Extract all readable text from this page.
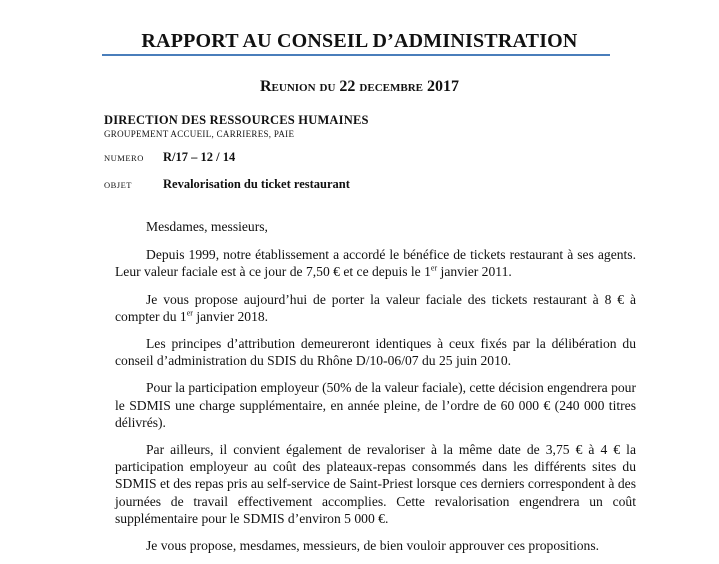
RAPPORT AU CONSEIL D’ADMINISTRATION
Reunion du 22 decembre 2017
DIRECTION DES RESSOURCES HUMAINES
GROUPEMENT ACCUEIL, CARRIERES, PAIE
NUMERO R/17 – 12 / 14
OBJET Revalorisation du ticket restaurant

Mesdames, messieurs,

Depuis 1999, notre établissement a accordé le bénéfice de tickets restaurant à ses agents. Leur valeur faciale est à ce jour de 7,50 € et ce depuis le 1er janvier 2011.

Je vous propose aujourd’hui de porter la valeur faciale des tickets restaurant à 8 € à compter du 1er janvier 2018.

Les principes d’attribution demeureront identiques à ceux fixés par la délibération du conseil d’administration du SDIS du Rhône D/10-06/07 du 25 juin 2010.

Pour la participation employeur (50% de la valeur faciale), cette décision engendrera pour le SDMIS une charge supplémentaire, en année pleine, de l’ordre de 60 000 € (240 000 titres délivrés).

Par ailleurs, il convient également de revaloriser à la même date de 3,75 € à 4 € la participation employeur au coût des plateaux-repas consommés dans les différents sites du SDMIS et des repas pris au self-service de Saint-Priest lorsque ces derniers correspondent à des journées de travail effectivement accomplies. Cette revalorisation engendrera un coût supplémentaire pour le SDMIS d’environ 5 000 €.

Je vous propose, mesdames, messieurs, de bien vouloir approuver ces propositions.
